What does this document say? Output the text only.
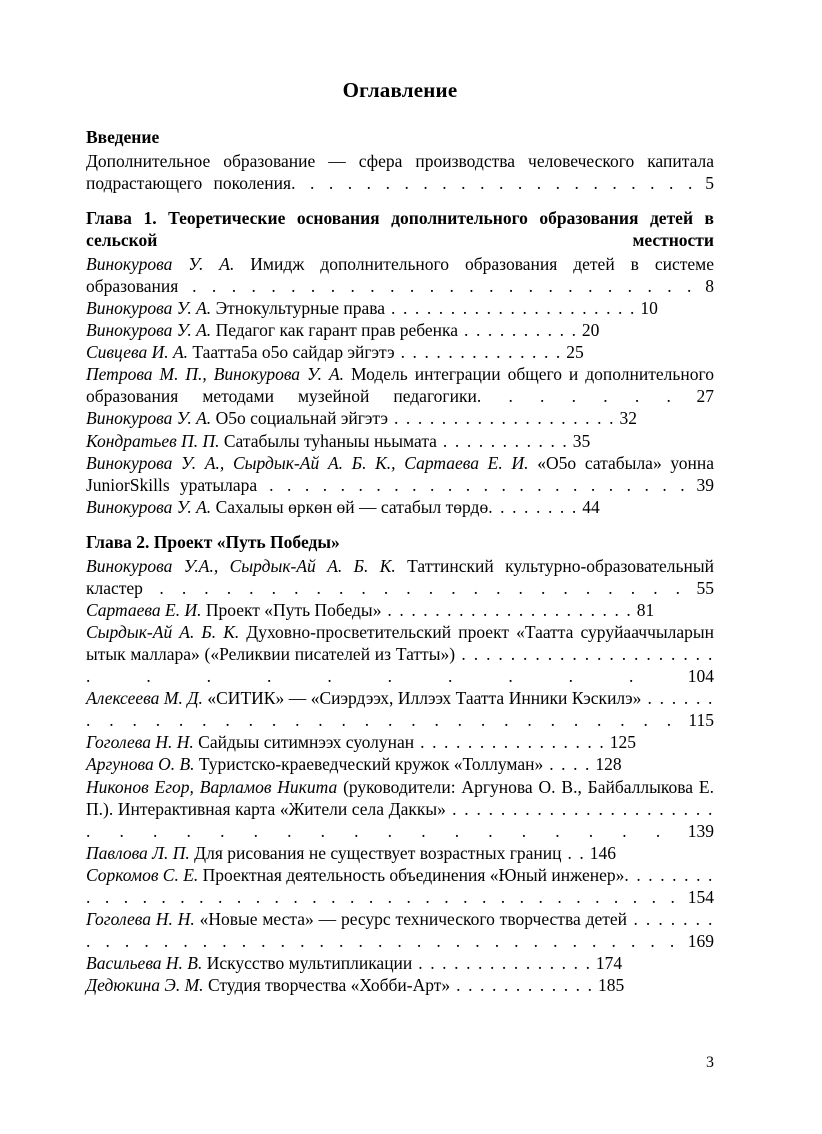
Оглавление
Введение

Дополнительное образование — сфера производства человеческого капитала подрастающего поколения. . . . . . . . . . . . . . . . . . . . . . 5

Глава 1. Теоретические основания дополнительного образования детей в сельской местности

Винокурова У. А. Имидж дополнительного образования детей в системе образования . . . . . . . . . . . . . . . . . . . . . . . . . . 8

Винокурова У. А. Этнокультурные права . . . . . . . . . . . . . . . . . . . . . 10

Винокурова У. А. Педагог как гарант прав ребенка . . . . . . . . . . 20

Сивцева И. А. Таатта5а о5о сайдар эйгэтэ . . . . . . . . . . . . . . 25

Петрова М. П., Винокурова У. А. Модель интеграции общего и дополнительного образования методами музейной педагогики. . . . . . . 27

Винокурова У. А. О5о социальнай эйгэтэ . . . . . . . . . . . . . . . . . . . 32

Кондратьев П. П. Сатабылы туһаныы ньымата . . . . . . . . . . . 35

Винокурова У. А., Сырдык-Ай А. Б. К., Сартаева Е. И. «О5о сатабыла» уонна JuniorSkills уратылара . . . . . . . . . . . . . . . . . . . . . . . . 39

Винокурова У. А. Сахалыы өркөн өй — сатабыл төрдө. . . . . . . . 44

Глава 2. Проект «Путь Победы»

Винокурова У.А., Сырдык-Ай А. Б. К. Таттинский культурно-образовательный кластер . . . . . . . . . . . . . . . . . . . . . . . . 55

Сартаева Е. И. Проект «Путь Победы» . . . . . . . . . . . . . . . . . . . . . 81

Сырдык-Ай А. Б. К. Духовно-просветительский проект «Таатта суруйааччыларын ытык маллара» («Реликвии писателей из Татты») . . . . . . . . . . . . . . . . . . . . . . . . . . . . . . .	104

Алексеева М. Д. «СИТИК» — «Сиэрдээх, Иллээх Таатта Инники Кэскилэ» . . . . . . . . . . . . . . . . . . . . . . . . . . . . . . . . 115

Гоголева Н. Н. Сайдыы ситимнээх суолунан . . . . . . . . . . . . . . . . 125

Аргунова О. В. Туристско-краеведческий кружок «Толлуман» . . . . 128

Никонов Егор, Варламов Никита (руководители: Аргунова О. В., Байбаллыкова Е. П.). Интерактивная карта «Жители села Даккы» . . . . . . . . . . . . . . . . . . . . . . . . . . . . . . . . . . . . . . . . 139

Павлова Л. П. Для рисования не существует возрастных границ . . 146

Соркомов С. Е. Проектная деятельность объединения «Юный инженер». . . . . . . . . . . . . . . . . . . . . . . . . . . . . . . . . . . . . . . . 154

Гоголева Н. Н. «Новые места» — ресурс технического творчества детей . . . . . . . . . . . . . . . . . . . . . . . . . . . . . . . . . . . . . . 169

Васильева Н. В. Искусство мультипликации . . . . . . . . . . . . . . . 174

Дедюкина Э. М. Студия творчества «Хобби-Арт» . . . . . . . . . . . . 185

3
